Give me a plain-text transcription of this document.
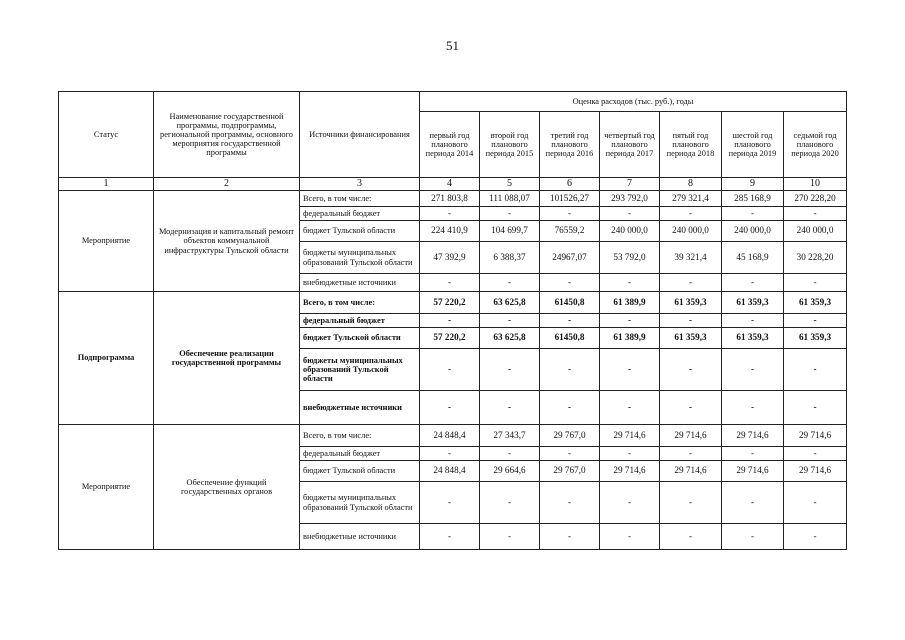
51
Статус	Наименование государственной программы, подпрограммы, региональной программы, основного мероприятия государственной программы	Источники финансирования	Оценка расходов (тыс. руб.), годы						
			первый год планового периода 2014	второй год планового периода 2015	третий год планового периода 2016	четвертый год планового периода 2017	пятый год планового периода 2018	шестой год планового периода 2019	седьмой год планового периода 2020
1	2	3	4	5	6	7	8	9	10
Мероприятие	Модернизация и капитальный ремонт объектов коммунальной инфраструктуры Тульской области	Всего, в том числе:	271 803,8	111 088,07	101526,27	293 792,0	279 321,4	285 168,9	270 228,20
		федеральный бюджет	-	-	-	-	-	-	-
		бюджет Тульской области	224 410,9	104 699,7	76559,2	240 000,0	240 000,0	240 000,0	240 000,0
		бюджеты муниципальных образований Тульской области	47 392,9	6 388,37	24967,07	53 792,0	39 321,4	45 168,9	30 228,20
		внебюджетные источники	-	-	-	-	-	-	-
Подпрограмма	Обеспечение реализации государственной программы	Всего, в том числе:	57 220,2	63 625,8	61450,8	61 389,9	61 359,3	61 359,3	61 359,3
		федеральный бюджет	-	-	-	-	-	-	-
		бюджет Тульской области	57 220,2	63 625,8	61450,8	61 389,9	61 359,3	61 359,3	61 359,3
		бюджеты муниципальных образований Тульской области	-	-	-	-	-	-	-
		внебюджетные источники	-	-	-	-	-	-	-
Мероприятие	Обеспечение функций государственных органов	Всего, в том числе:	24 848,4	27 343,7	29 767,0	29 714,6	29 714,6	29 714,6	29 714,6
		федеральный бюджет	-	-	-	-	-	-	-
		бюджет Тульской области	24 848,4	29 664,6	29 767,0	29 714,6	29 714,6	29 714,6	29 714,6
		бюджеты муниципальных образований Тульской области	-	-	-	-	-	-	-
		внебюджетные источники	-	-	-	-	-	-	-
